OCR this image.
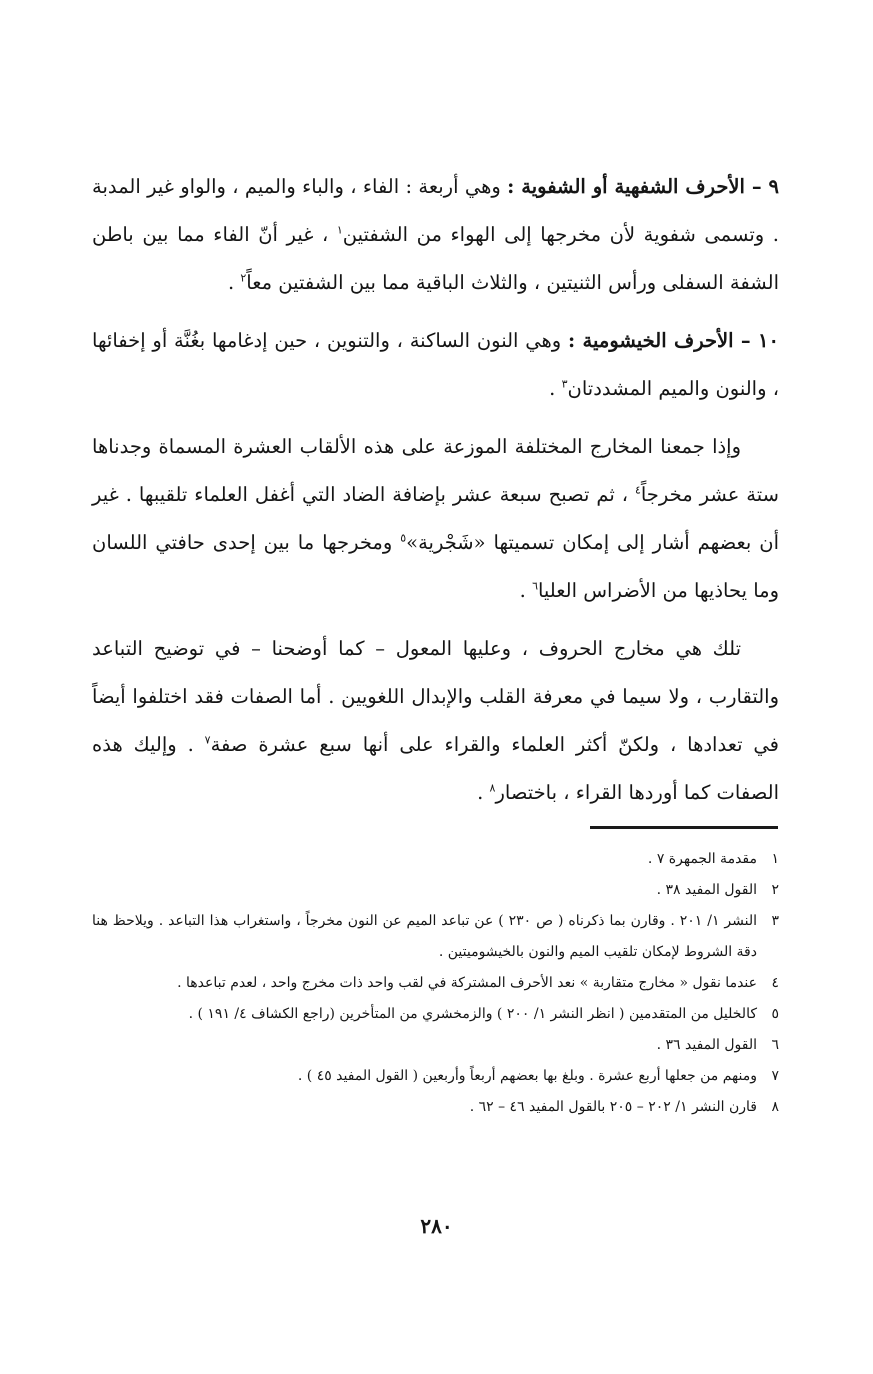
٩ – الأحرف الشفهية أو الشفوية : وهي أربعة : الفاء ، والباء والميم ، والواو غير المدبة . وتسمى شفوية لأن مخرجها إلى الهواء من الشفتين$^١$ ، غير أنّ الفاء مما بين باطن الشفة السفلى ورأس الثنيتين ، والثلاث الباقية مما بين الشفتين معاً$^٢$ .

١٠ – الأحرف الخيشومية : وهي النون الساكنة ، والتنوين ، حين إدغامها بغُنَّة أو إخفائها ، والنون والميم المشددتان$^٣$ .

وإذا جمعنا المخارج المختلفة الموزعة على هذه الألقاب العشرة المسماة وجدناها ستة عشر مخرجاً$^٤$ ، ثم تصبح سبعة عشر بإضافة الضاد التي أغفل العلماء تلقيبها . غير أن بعضهم أشار إلى إمكان تسميتها «شَجْرية»$^٥$ ومخرجها ما بين إحدى حافتي اللسان وما يحاذيها من الأضراس العليا$^٦$ .

تلك هي مخارج الحروف ، وعليها المعول – كما أوضحنا – في توضيح التباعد والتقارب ، ولا سيما في معرفة القلب والإبدال اللغويين . أما الصفات فقد اختلفوا أيضاً في تعدادها ، ولكنّ أكثر العلماء والقراء على أنها سبع عشرة صفة$^٧$ . وإليك هذه الصفات كما أوردها القراء ، باختصار$^٨$ .

١
مقدمة الجمهرة ٧ .
٢
القول المفيد ٣٨ .
٣
النشر ١/ ٢٠١ . وقارن بما ذكرناه ( ص ٢٣٠ ) عن تباعد الميم عن النون مخرجاً ، واستغراب هذا التباعد . ويلاحظ هنا دقة الشروط لإمكان تلقيب الميم والنون بالخيشوميتين .
٤
عندما نقول « مخارج متقاربة » نعد الأحرف المشتركة في لقب واحد ذات مخرج واحد ، لعدم تباعدها .
٥
كالخليل من المتقدمين ( انظر النشر ١/ ٢٠٠ ) والزمخشري من المتأخرين (راجع الكشاف ٤/ ١٩١ ) .
٦
القول المفيد ٣٦ .
٧
ومنهم من جعلها أربع عشرة . وبلغ بها بعضهم أربعاً وأربعين ( القول المفيد ٤٥ ) .
٨
قارن النشر ١/ ٢٠٢ – ٢٠٥ بالقول المفيد ٤٦ – ٦٢ .
٢٨٠
